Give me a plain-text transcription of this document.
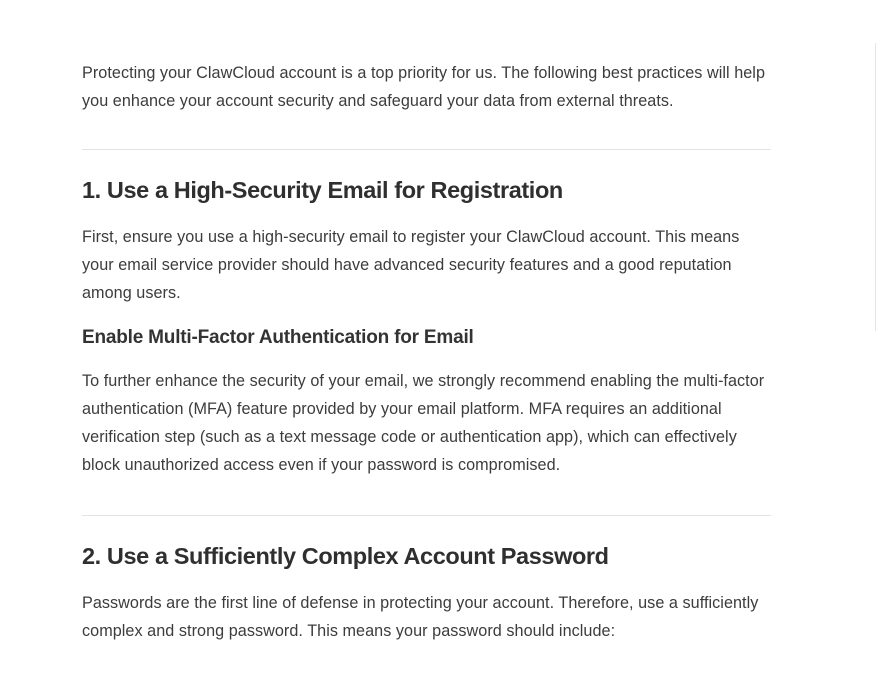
Protecting your ClawCloud account is a top priority for us. The following best practices will help you enhance your account security and safeguard your data from external threats.

1. Use a High-Security Email for Registration

First, ensure you use a high-security email to register your ClawCloud account. This means your email service provider should have advanced security features and a good reputation among users.

Enable Multi-Factor Authentication for Email

To further enhance the security of your email, we strongly recommend enabling the multi-factor authentication (MFA) feature provided by your email platform. MFA requires an additional verification step (such as a text message code or authentication app), which can effectively block unauthorized access even if your password is compromised.

2. Use a Sufficiently Complex Account Password

Passwords are the first line of defense in protecting your account. Therefore, use a sufficiently complex and strong password. This means your password should include:
